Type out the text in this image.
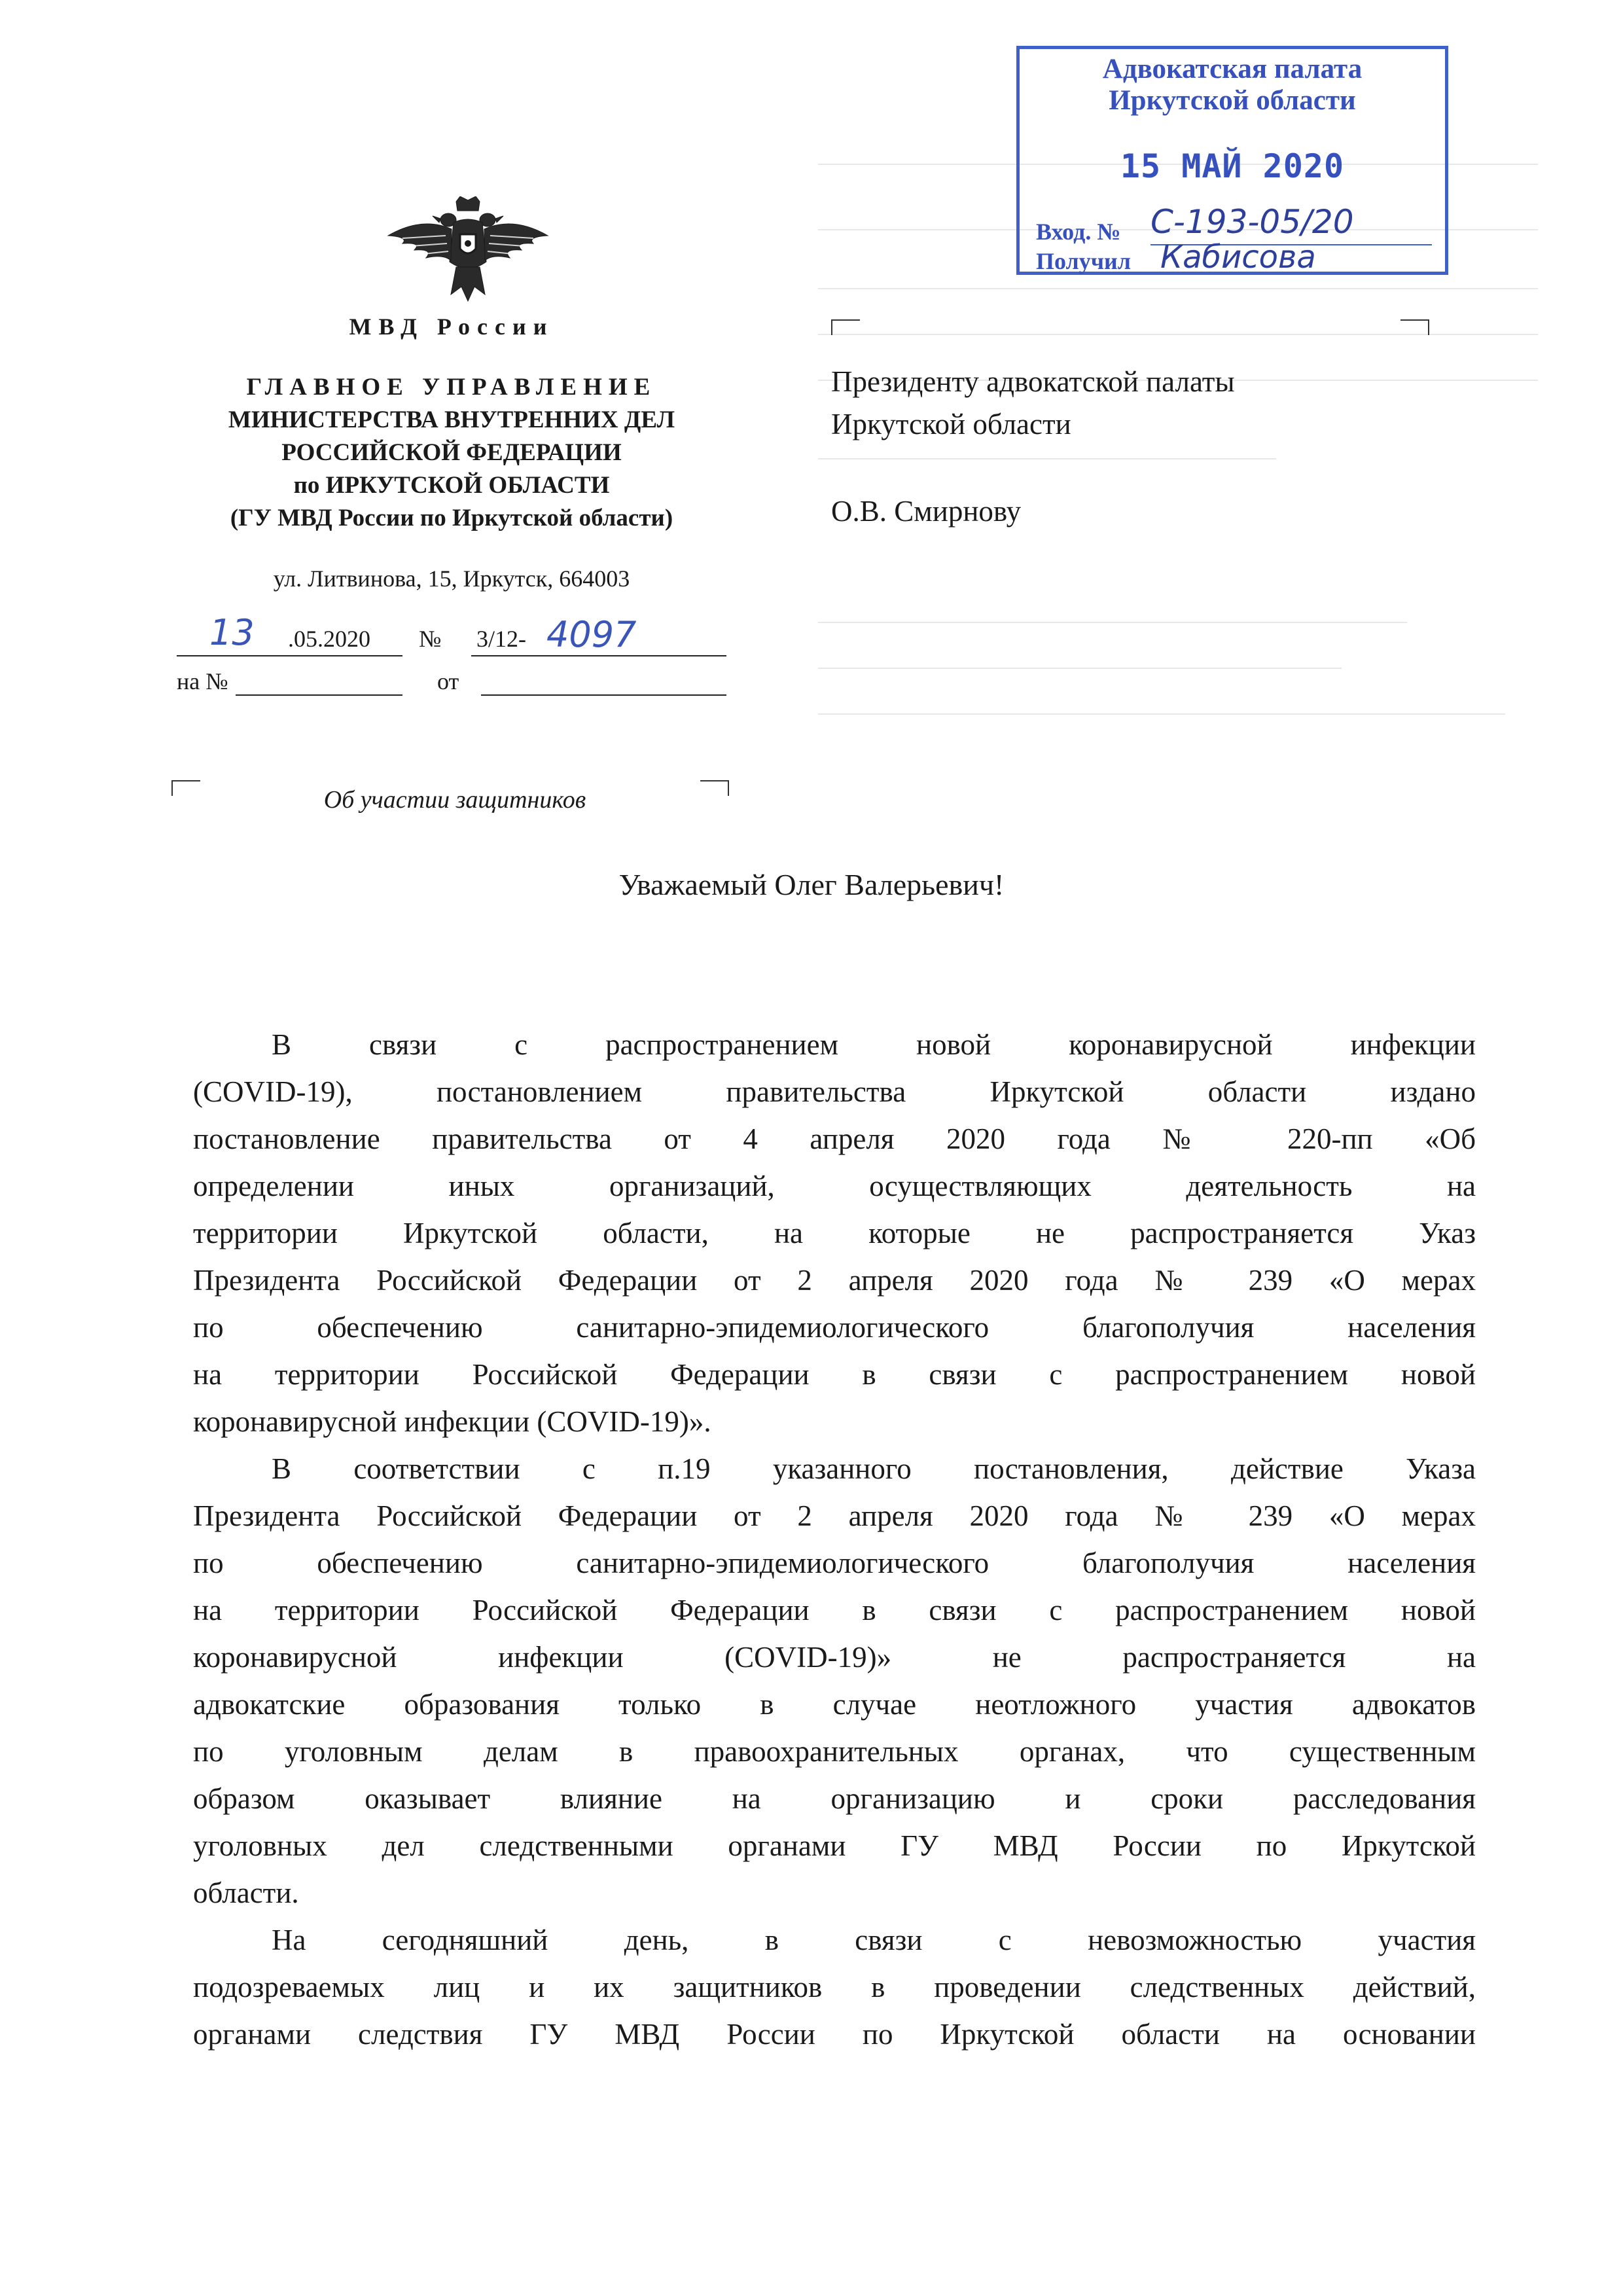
Адвокатская палата
Иркутской области
15 МАЙ 2020
Вход. № С-193-05/20
Получил Кабисова
МВД России
ГЛАВНОЕ УПРАВЛЕНИЕ
МИНИСТЕРСТВА ВНУТРЕННИХ ДЕЛ
РОССИЙСКОЙ ФЕДЕРАЦИИ
по ИРКУТСКОЙ ОБЛАСТИ
(ГУ МВД России по Иркутской области)
ул. Литвинова, 15, Иркутск, 664003
13 .05.2020 № 3/12- 4097
на №	от
Об участии защитников
Президенту адвокатской палаты
Иркутской области
О.В. Смирнову
Уважаемый Олег Валерьевич!

В связи с распространением новой коронавирусной инфекции

(COVID-19), постановлением правительства Иркутской области издано

постановление правительства от 4 апреля 2020 года № 220-пп «Об

определении иных организаций, осуществляющих деятельность на

территории Иркутской области, на которые не распространяется Указ

Президента Российской Федерации от 2 апреля 2020 года № 239 «О мерах

по обеспечению санитарно-эпидемиологического благополучия населения

на территории Российской Федерации в связи с распространением новой

коронавирусной инфекции (COVID-19)».

В соответствии с п.19 указанного постановления, действие Указа

Президента Российской Федерации от 2 апреля 2020 года № 239 «О мерах

по обеспечению санитарно-эпидемиологического благополучия населения

на территории Российской Федерации в связи с распространением новой

коронавирусной инфекции (COVID-19)» не распространяется на

адвокатские образования только в случае неотложного участия адвокатов

по уголовным делам в правоохранительных органах, что существенным

образом оказывает влияние на организацию и сроки расследования

уголовных дел следственными органами ГУ МВД России по Иркутской

области.

На сегодняшний день, в связи с невозможностью участия

подозреваемых лиц и их защитников в проведении следственных действий,

органами следствия ГУ МВД России по Иркутской области на основании
